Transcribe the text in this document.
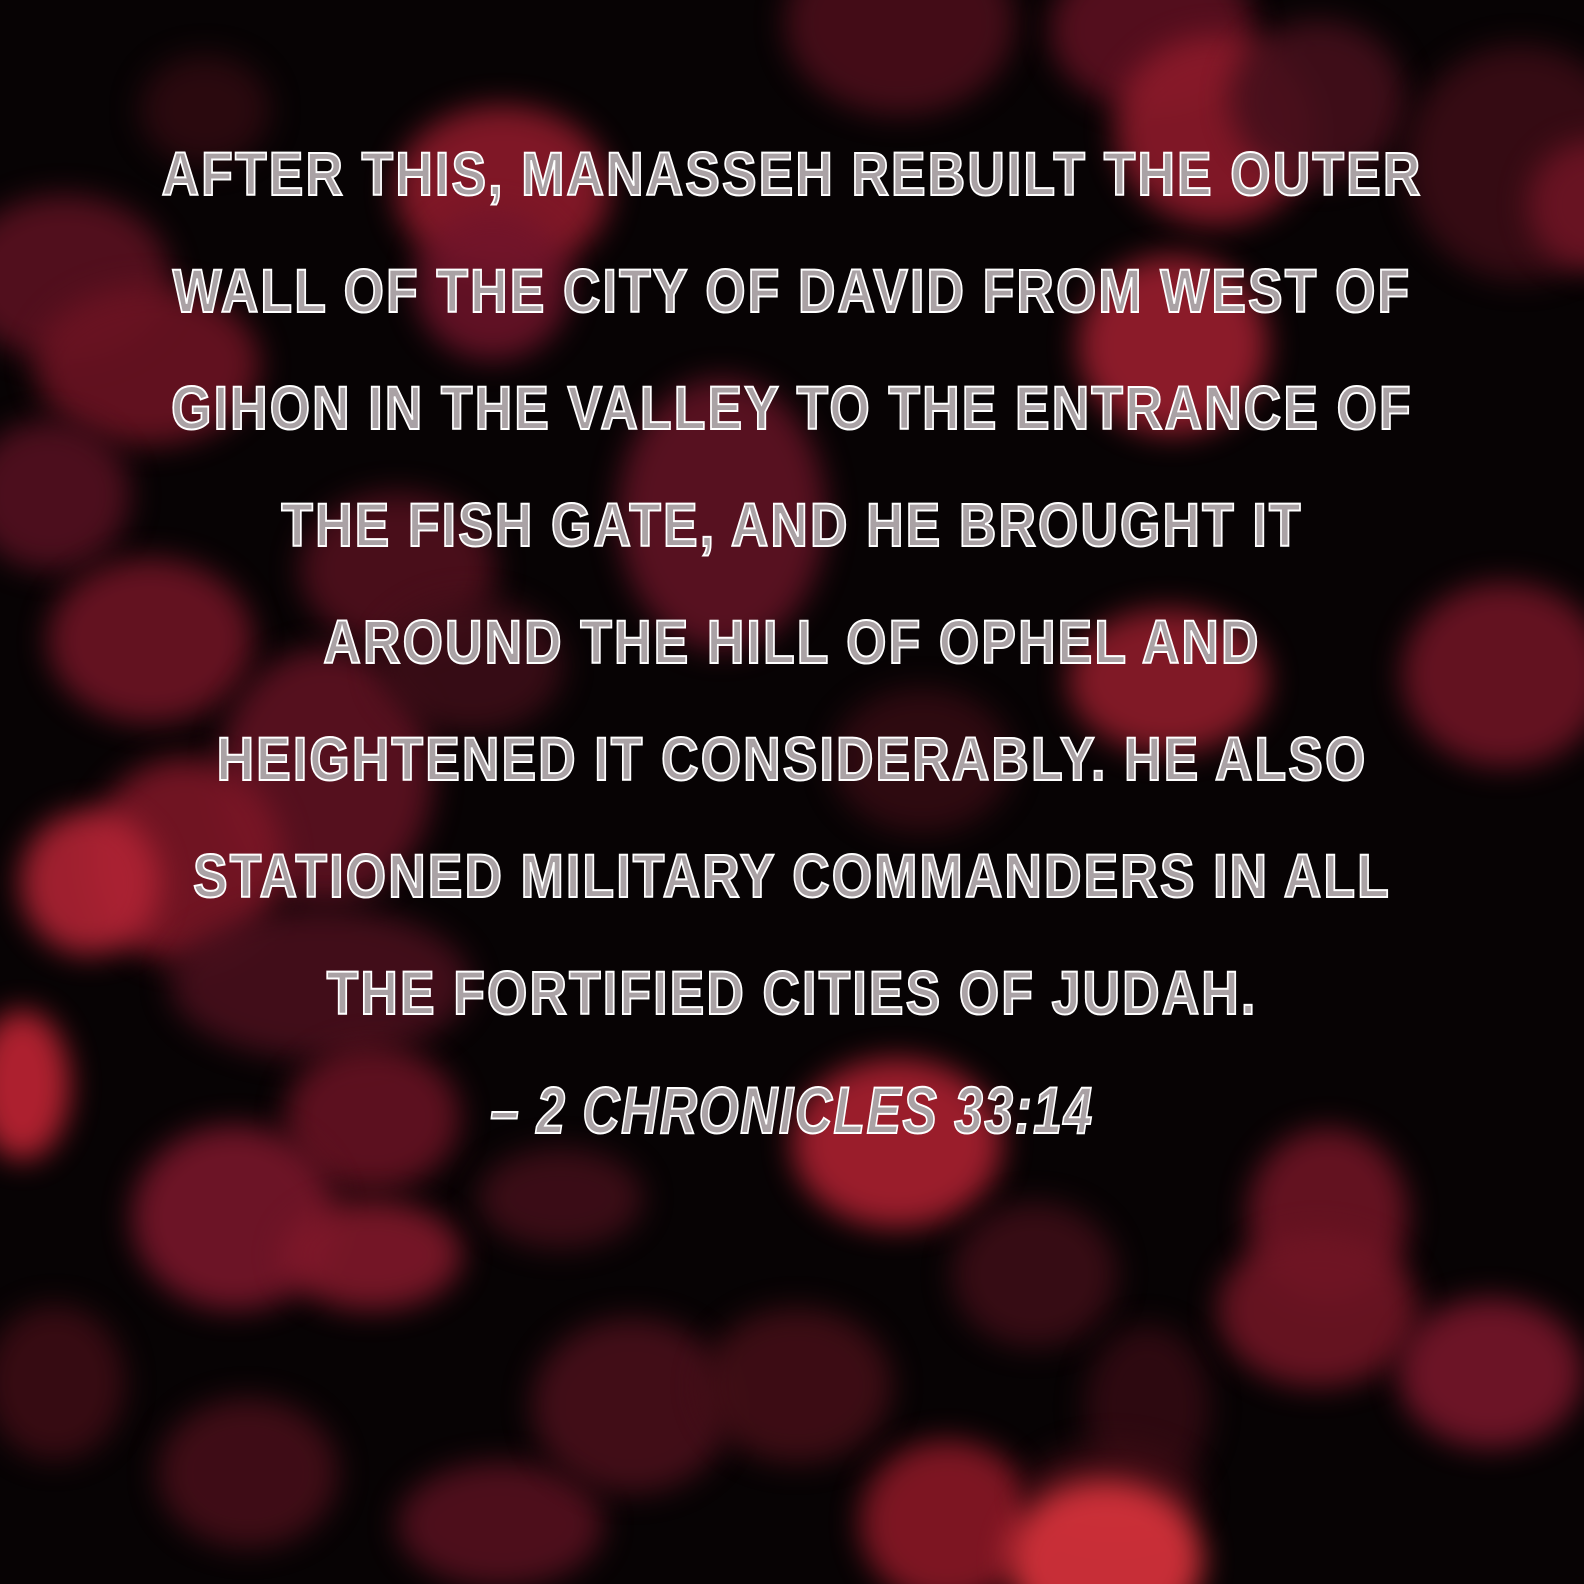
AFTER THIS, MANASSEH REBUILT THE OUTER
WALL OF THE CITY OF DAVID FROM WEST OF
GIHON IN THE VALLEY TO THE ENTRANCE OF
THE FISH GATE, AND HE BROUGHT IT
AROUND THE HILL OF OPHEL AND
HEIGHTENED IT CONSIDERABLY. HE ALSO
STATIONED MILITARY COMMANDERS IN ALL
THE FORTIFIED CITIES OF JUDAH.
– 2 CHRONICLES 33:14
